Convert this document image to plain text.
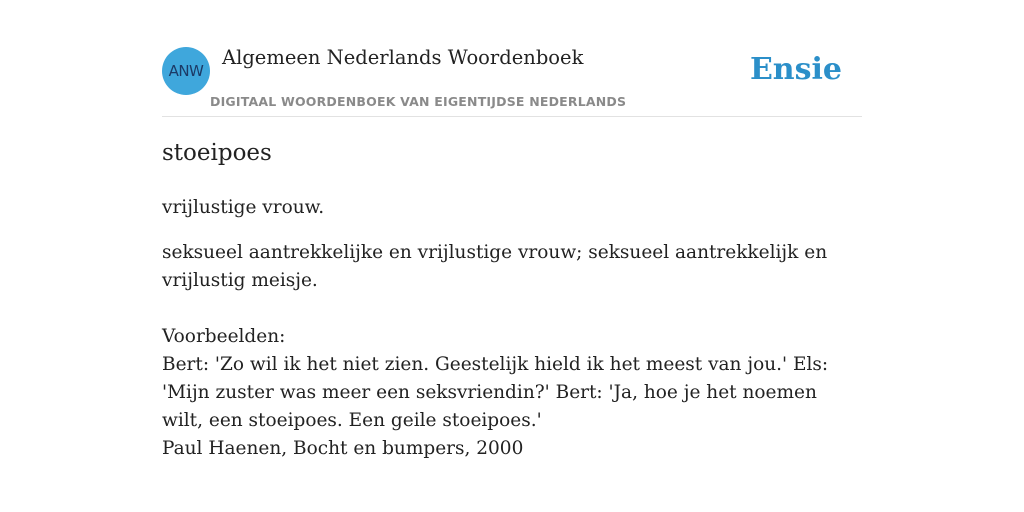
ANW
Algemeen Nederlands Woordenboek
DIGITAAL WOORDENBOEK VAN EIGENTIJDSE NEDERLANDS
Ensie
stoeipoes
vrijlustige vrouw.

seksueel aantrekkelijke en vrijlustige vrouw; seksueel aantrekkelijk en vrijlustig meisje.

Voorbeelden:

Bert: 'Zo wil ik het niet zien. Geestelijk hield ik het meest van jou.' Els: 'Mijn zuster was meer een seksvriendin?' Bert: 'Ja, hoe je het noemen wilt, een stoeipoes. Een geile stoeipoes.'

Paul Haenen, Bocht en bumpers, 2000
